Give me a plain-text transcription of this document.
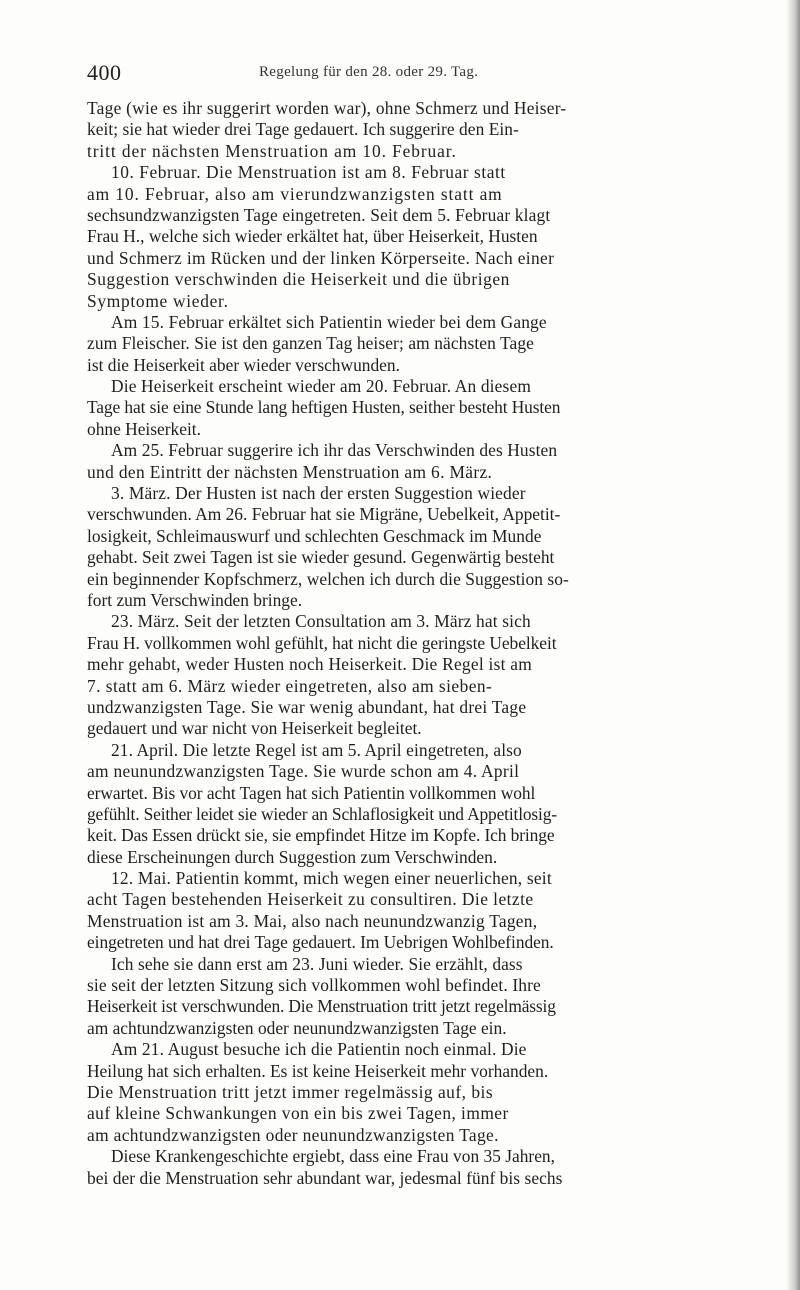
400	Regelung für den 28. oder 29. Tag.
Tage (wie es ihr suggerirt worden war), ohne Schmerz und Heiser-
keit; sie hat wieder drei Tage gedauert. Ich suggerire den Ein-
tritt der nächsten Menstruation am 10. Februar.
10. Februar. Die Menstruation ist am 8. Februar statt
am 10. Februar, also am vierundzwanzigsten statt am
sechsundzwanzigsten Tage eingetreten. Seit dem 5. Februar klagt
Frau H., welche sich wieder erkältet hat, über Heiserkeit, Husten
und Schmerz im Rücken und der linken Körperseite. Nach einer
Suggestion verschwinden die Heiserkeit und die übrigen
Symptome wieder.
Am 15. Februar erkältet sich Patientin wieder bei dem Gange
zum Fleischer. Sie ist den ganzen Tag heiser; am nächsten Tage
ist die Heiserkeit aber wieder verschwunden.
Die Heiserkeit erscheint wieder am 20. Februar. An diesem
Tage hat sie eine Stunde lang heftigen Husten, seither besteht Husten
ohne Heiserkeit.
Am 25. Februar suggerire ich ihr das Verschwinden des Husten
und den Eintritt der nächsten Menstruation am 6. März.
3. März. Der Husten ist nach der ersten Suggestion wieder
verschwunden. Am 26. Februar hat sie Migräne, Uebelkeit, Appetit-
losigkeit, Schleimauswurf und schlechten Geschmack im Munde
gehabt. Seit zwei Tagen ist sie wieder gesund. Gegenwärtig besteht
ein beginnender Kopfschmerz, welchen ich durch die Suggestion so-
fort zum Verschwinden bringe.
23. März. Seit der letzten Consultation am 3. März hat sich
Frau H. vollkommen wohl gefühlt, hat nicht die geringste Uebelkeit
mehr gehabt, weder Husten noch Heiserkeit. Die Regel ist am
7. statt am 6. März wieder eingetreten, also am sieben-
undzwanzigsten Tage. Sie war wenig abundant, hat drei Tage
gedauert und war nicht von Heiserkeit begleitet.
21. April. Die letzte Regel ist am 5. April eingetreten, also
am neunundzwanzigsten Tage. Sie wurde schon am 4. April
erwartet. Bis vor acht Tagen hat sich Patientin vollkommen wohl
gefühlt. Seither leidet sie wieder an Schlaflosigkeit und Appetitlosig-
keit. Das Essen drückt sie, sie empfindet Hitze im Kopfe. Ich bringe
diese Erscheinungen durch Suggestion zum Verschwinden.
12. Mai. Patientin kommt, mich wegen einer neuerlichen, seit
acht Tagen bestehenden Heiserkeit zu consultiren. Die letzte
Menstruation ist am 3. Mai, also nach neunundzwanzig Tagen,
eingetreten und hat drei Tage gedauert. Im Uebrigen Wohlbefinden.
Ich sehe sie dann erst am 23. Juni wieder. Sie erzählt, dass
sie seit der letzten Sitzung sich vollkommen wohl befindet. Ihre
Heiserkeit ist verschwunden. Die Menstruation tritt jetzt regelmässig
am achtundzwanzigsten oder neunundzwanzigsten Tage ein.
Am 21. August besuche ich die Patientin noch einmal. Die
Heilung hat sich erhalten. Es ist keine Heiserkeit mehr vorhanden.
Die Menstruation tritt jetzt immer regelmässig auf, bis
auf kleine Schwankungen von ein bis zwei Tagen, immer
am achtundzwanzigsten oder neunundzwanzigsten Tage.
Diese Krankengeschichte ergiebt, dass eine Frau von 35 Jahren,
bei der die Menstruation sehr abundant war, jedesmal fünf bis sechs
